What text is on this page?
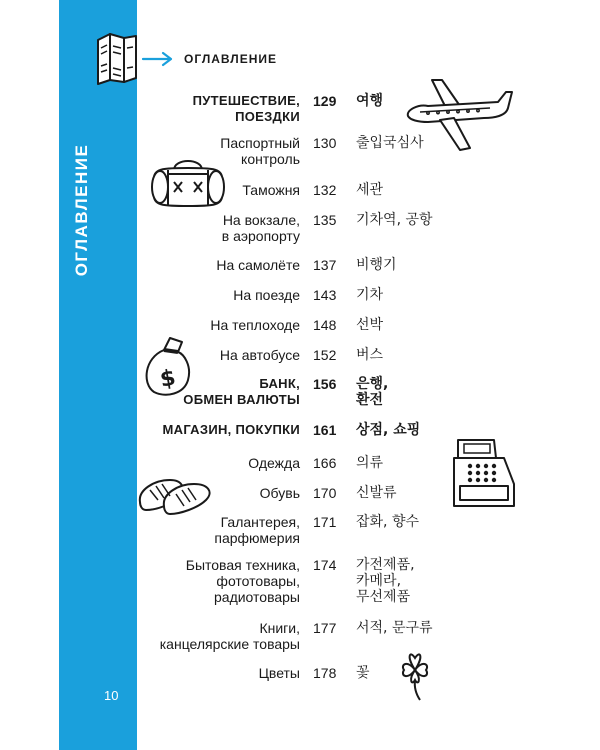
ОГЛАВЛЕНИЕ
10
ОГЛАВЛЕНИЕ
$
ПУТЕШЕСТВИЕ,
ПОЕЗДКИ
129	여행
Паспортный
контроль
130	출입국심사
Таможня 132	세관
На вокзале,
в аэропорту
135	기차역, 공항
На самолёте 137	비행기
На поезде 143	기차
На теплоходе 148	선박
На автобусе 152	버스
БАНК,
ОБМЕН ВАЛЮТЫ
156	은행,
환전
МАГАЗИН, ПОКУПКИ 161	상점, 쇼핑
Одежда 166	의류
Обувь 170	신발류
Галантерея,
парфюмерия
171	잡화, 향수
Бытовая техника,
фототовары,
радиотовары
174	가전제품,
카메라,
무선제품
Книги,
канцелярские товары
177	서적, 문구류
Цветы 178	꽃
